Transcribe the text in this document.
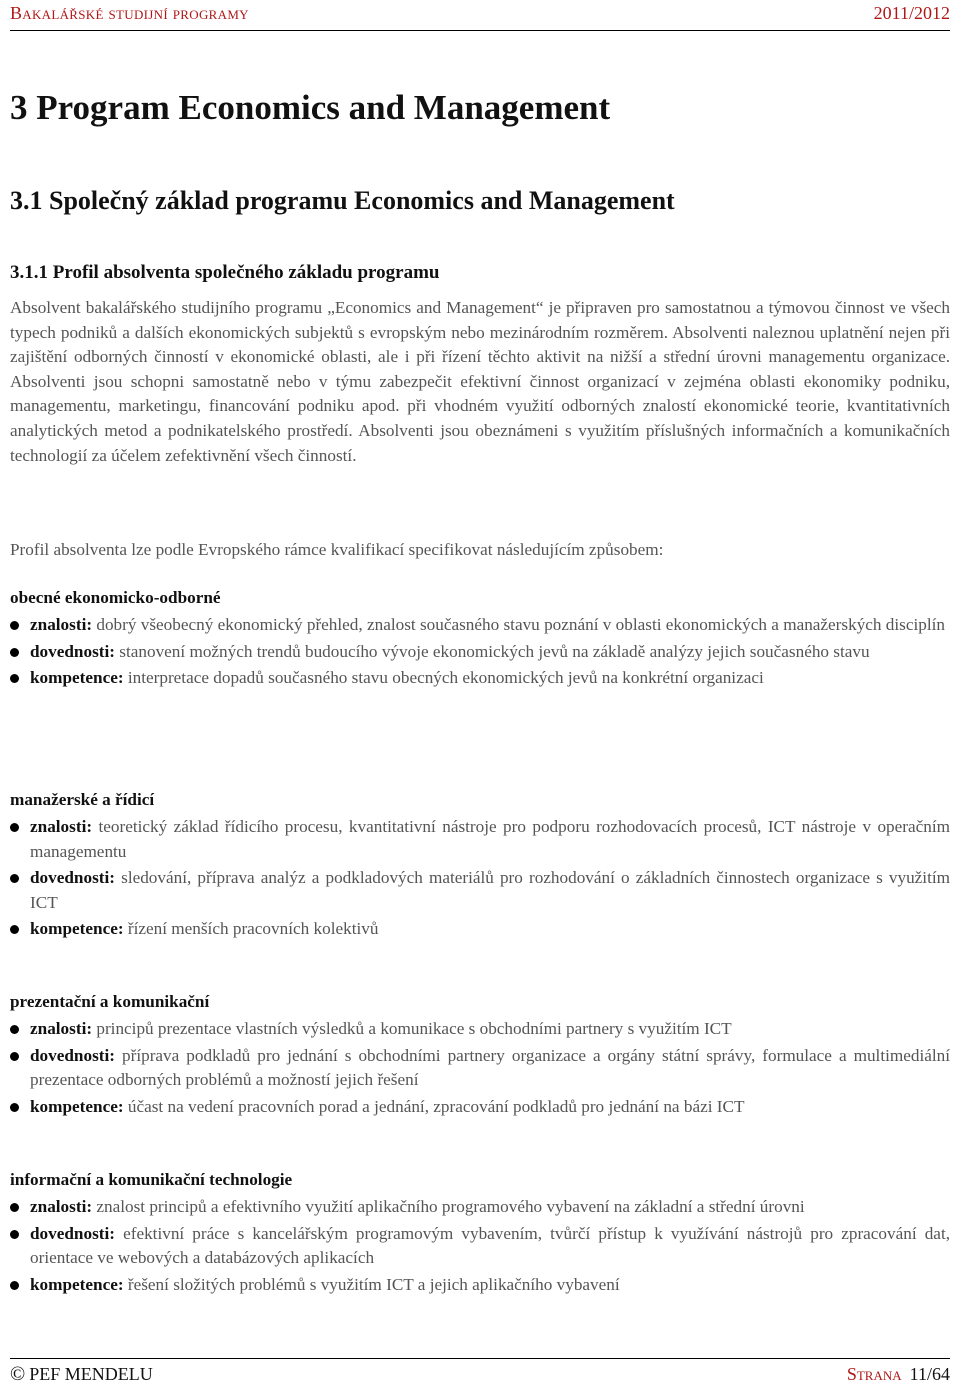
Bakalářské studijní programy	2011/2012
3 Program Economics and Management
3.1 Společný základ programu Economics and Management
3.1.1 Profil absolventa společného základu programu

Absolvent bakalářského studijního programu „Economics and Management“ je připraven pro samostatnou a týmovou činnost ve všech typech podniků a dalších ekonomických subjektů s evropským nebo mezinárodním rozměrem. Absolventi naleznou uplatnění nejen při zajištění odborných činností v ekonomické oblasti, ale i při řízení těchto aktivit na nižší a střední úrovni managementu organizace. Absolventi jsou schopni samostatně nebo v týmu zabezpečit efektivní činnost organizací v zejména oblasti ekonomiky podniku, managementu, marketingu, financování podniku apod. při vhodném využití odborných znalostí ekonomické teorie, kvantitativních analytických metod a podnikatelského prostředí. Absolventi jsou obeznámeni s využitím příslušných informačních a komunikačních technologií za účelem zefektivnění všech činností.

Profil absolventa lze podle Evropského rámce kvalifikací specifikovat následujícím způsobem:

obecné ekonomicko-odborné
znalosti: dobrý všeobecný ekonomický přehled, znalost současného stavu poznání v oblasti ekonomických a manažerských disciplín
dovednosti: stanovení možných trendů budoucího vývoje ekonomických jevů na základě analýzy jejich současného stavu
kompetence: interpretace dopadů současného stavu obecných ekonomických jevů na konkrétní organizaci
manažerské a řídicí
znalosti: teoretický základ řídicího procesu, kvantitativní nástroje pro podporu rozhodovacích procesů, ICT nástroje v operačním managementu
dovednosti: sledování, příprava analýz a podkladových materiálů pro rozhodování o základních činnostech organizace s využitím ICT
kompetence: řízení menších pracovních kolektivů
prezentační a komunikační
znalosti: principů prezentace vlastních výsledků a komunikace s obchodními partnery s využitím ICT
dovednosti: příprava podkladů pro jednání s obchodními partnery organizace a orgány státní správy, formulace a multimediální prezentace odborných problémů a možností jejich řešení
kompetence: účast na vedení pracovních porad a jednání, zpracování podkladů pro jednání na bázi ICT
informační a komunikační technologie
znalosti: znalost principů a efektivního využití aplikačního programového vybavení na základní a střední úrovni
dovednosti: efektivní práce s kancelářským programovým vybavením, tvůrčí přístup k využívání nástrojů pro zpracování dat, orientace ve webových a databázových aplikacích
kompetence: řešení složitých problémů s využitím ICT a jejich aplikačního vybavení
© PEF MENDELU	Strana 11/64
